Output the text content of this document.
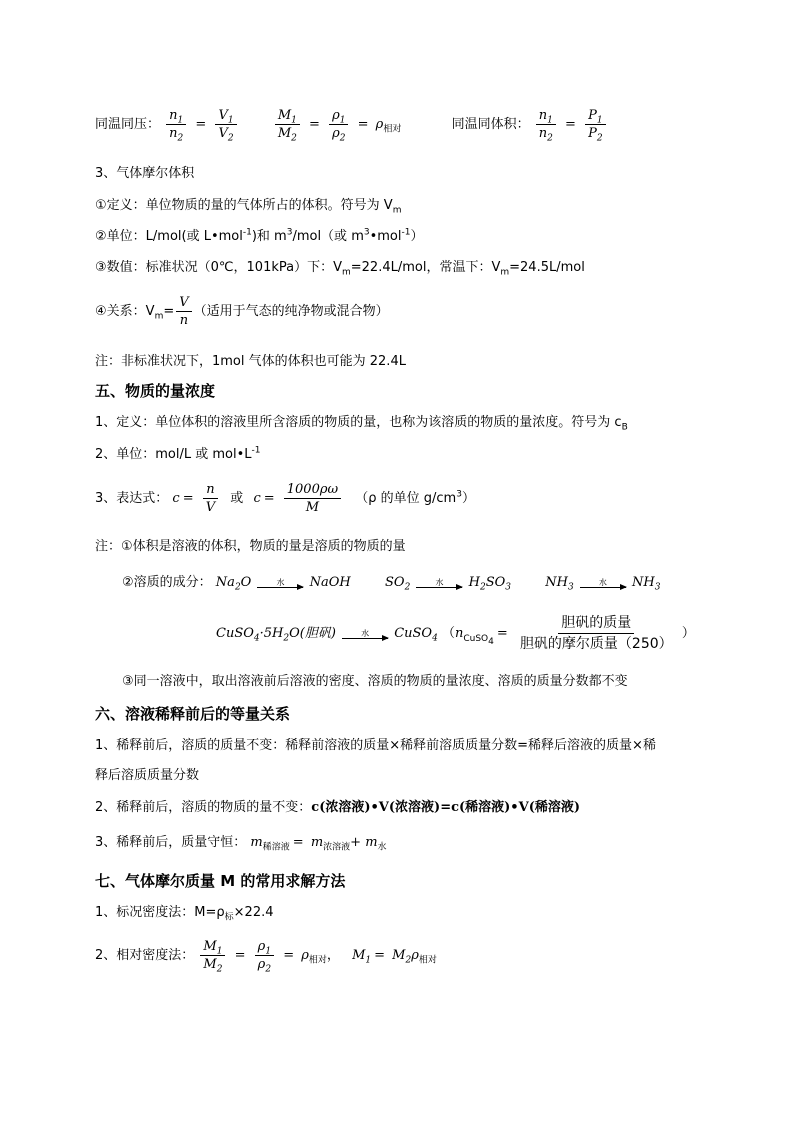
同温同压： $\frac{n_1}{n_2} = \frac{V_1}{V_2}$
	$\frac{M_1}{M_2} = \frac{\rho_1}{\rho_2} = \rho_{相对}$	同温同体积： $\frac{n_1}{n_2} = \frac{P_1}{P_2}$
3、气体摩尔体积
①定义：单位物质的量的气体所占的体积。符号为 $V_m$
②单位：L/mol(或 L•mol$^{-1}$)和 $m^3/mol$（或 $m^3•mol^{-1}$）
③数值：标准状况（0℃，101kPa）下：$V_m=22.4L$/mol，常温下：$V_m=24.5L$/mol
④关系：$V_m= \frac{V}{n}$ （适用于气态的纯净物或混合物）
注：非标准状况下，1mol 气体的体积也可能为 22.4L
五、物质的量浓度
1、定义：单位体积的溶液里所含溶质的物质的量，也称为该溶质的物质的量浓度。符号为 $c_B$
2、单位：mol/L 或 $mol•L^{-1}$
3、表达式： $c = \frac{n}{V}$ 或 $c = \frac{1000\rho\omega}{M} (\rho$ 的单位 $g/cm^3$）
注：①体积是溶液的体积，物质的量是溶质的物质的量
②溶质的成分： $Na_2O$	水 NaOH	$SO_2$
水 $H_2SO_3$	$NH_3$
水 $NH_3$
$CuSO_4\cdot 5H_2O$(胆矾)	水 CuSO$_4$ （$n_{CuSO_4}= \frac{\text{胆矾的质量}}{\text{胆矾的摩尔质量（250）}}$ ）
③同一溶液中，取出溶液前后溶液的密度、溶质的物质的量浓度、溶质的质量分数都不变
六、溶液稀释前后的等量关系
1、稀释前后，溶质的质量不变：稀释前溶液的质量×稀释前溶质质量分数=稀释后溶液的质量×稀
释后溶质质量分数
2、稀释前后，溶质的物质的量不变：c(浓溶液)•V(浓溶液)=c(稀溶液)•V(稀溶液)
3、稀释前后，质量守恒： $m_{稀溶液} = m_{浓溶液}+ m_水$
七、气体摩尔质量 M 的常用求解方法
1、标况密度法：$M=\rho_标\times 22.4$
2、相对密度法： $\frac{M_1}{M_2} = \frac{\rho_1}{\rho_2} = \rho_{相对}$， $M_1 = M_2\rho_{相对}$
